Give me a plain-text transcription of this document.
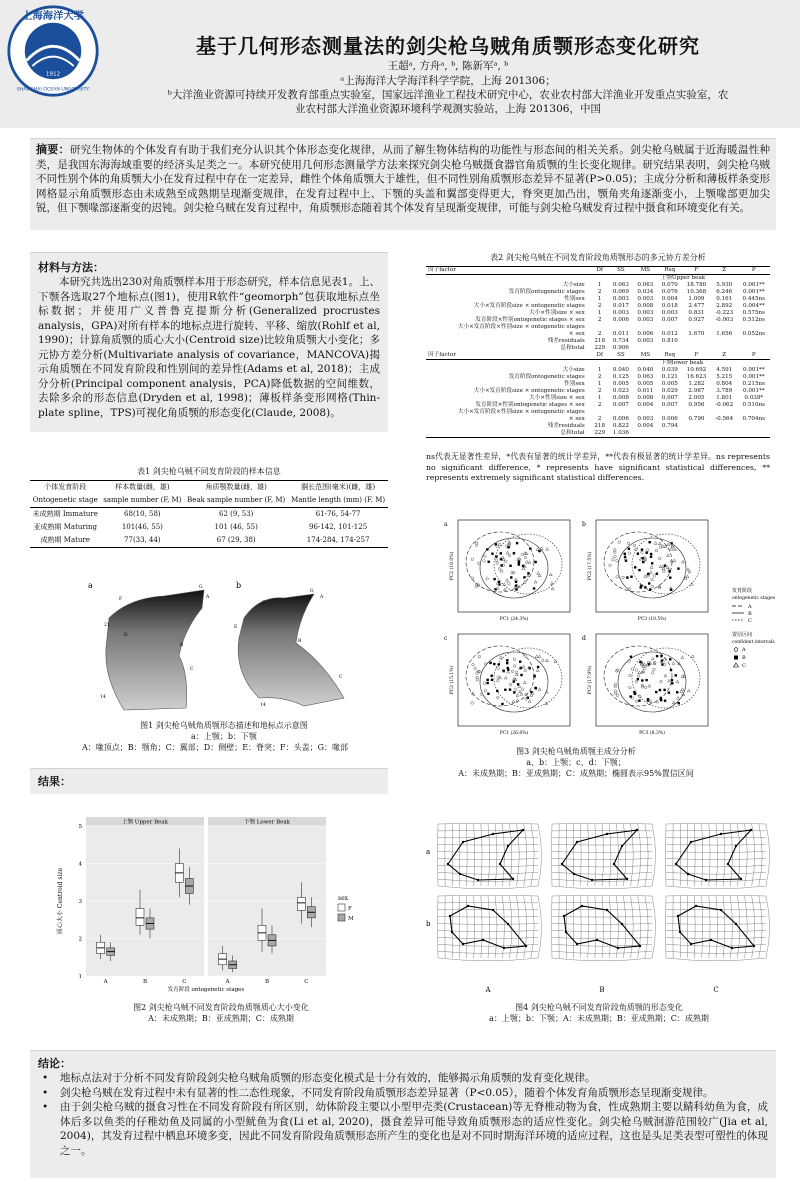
上海海洋大学
SHANGHAI OCEAN UNIVERSITY
1912
基于几何形态测量法的剑尖枪乌贼角质颚形态变化研究
王超ᵃ, 方舟ᵃ, ᵇ, 陈新军ᵃ, ᵇ
ᵃ上海海洋大学海洋科学学院，上海 201306；
ᵇ大洋渔业资源可持续开发教育部重点实验室，国家远洋渔业工程技术研究中心，农业农村部大洋渔业开发重点实验室，农
业农村部大洋渔业资源环境科学观测实验站，上海 201306，中国
摘要：研究生物体的个体发育有助于我们充分认识其个体形态变化规律，从而了解生物体结构的功能性与形态间的相关关系。剑尖枪乌贼属于近海暖温性种类，是我国东海海域重要的经济头足类之一。本研究使用几何形态测量学方法来探究剑尖枪乌贼摄食器官角质颚的生长变化规律。研究结果表明，剑尖枪乌贼不同性别个体的角质颚大小在发育过程中存在一定差异，雌性个体角质颚大于雄性，但不同性别角质颚形态差异不显著(P>0.05)；主成分分析和薄板样条变形网格显示角质颚形态由未成熟至成熟期呈现渐变规律，在发育过程中上、下颚的头盖和翼部变得更大，脊突更加凸出，颚角夹角逐渐变小，上颚喙部更加尖锐，但下颚喙部逐渐变的迟钝。剑尖枪乌贼在发育过程中，角质颚形态随着其个体发育呈现渐变规律，可能与剑尖枪乌贼发育过程中摄食和环境变化有关。
材料与方法：
本研究共选出230对角质颚样本用于形态研究，样本信息见表1。上、下颚各选取27个地标点(图1)，使用R软件“geomorph”包获取地标点坐标数据；并使用广义普鲁克提斯分析(Generalized procrustes analysis，GPA)对所有样本的地标点进行旋转、平移、缩放(Rohlf et al, 1990)；计算角质颚的质心大小(Centroid size)比较角质颚大小变化；多元协方差分析(Multivariate analysis of covariance，MANCOVA)揭示角质颚在不同发育阶段和性别间的差异性(Adams et al, 2018)；主成分分析(Principal component analysis，PCA)降低数据的空间维数，去除多余的形态信息(Dryden et al, 1998)；薄板样条变形网格(Thin-plate spline，TPS)可视化角质颚的形态变化(Claude, 2008)。
表1 剑尖枪乌贼不同发育阶段的样本信息
个体发育阶段	样本数量(雌，雄)	角质颚数量(雌，雄)	胴长范围(毫米)(雌，雄)
Ontogenetic stage	sample number (F, M)	Beak sample number (F, M)	Mantle length (mm) (F, M)
未成熟期 Immature	68(10, 58)	62 (9, 53)	61-76, 54-77
亚成熟期 Maturing	101(46, 55)	101 (46, 55)	96-142, 101-125
成熟期 Mature	77(33, 44)	67 (29, 38)	174-284, 174-257
a	b
F
G
A
21
D
B
C
14
F
G
A
E
B
C
14
图1 剑尖枪乌贼角质颚形态描述和地标点示意图
a：上颚；b：下颚
A：喙顶点；B：颚角；C：翼部；D：侧壁；E：脊突；F：头盖；G：喙部
结果：
质心大小 Centroid size
1
2
3
4
5
上颚 Upper Beak
A	B	C
下颚 Lower Beak
A	B	C
发育阶段 ontogenetic stages
sex
F
M
图2 剑尖枪乌贼不同发育阶段角质颚质心大小变化
A：未成熟期；B：亚成熟期；C：成熟期
表2 剑尖枪乌贼在不同发育阶段角质颚形态的多元协方差分析
因子factor	Df	SS	MS	Rsq	F	Z	P
	上颚Upper beak						
大小size	1	0.063	0.063	0.070	18.780	5.930	0.001**
发育阶段ontogenetic stages	2	0.069	0.034	0.076	10.368	6.246	0.001**
性别sex	1	0.003	0.003	0.004	1.009	0.161	0.445ns
大小×发育阶段size × ontogenetic stages	2	0.017	0.008	0.018	2.477	2.892	0.004**
大小×性别size × sex	1	0.003	0.003	0.003	0.831	-0.223	0.575ns
发育阶段×性别ontogenetic stages × sex	2	0.006	0.003	0.007	0.927	-0.003	0.512ns
大小×发育阶段×性别size × ontogenetic stages							
× sex	2	0.011	0.006	0.012	1.670	1.656	0.052ns
残差residuals	218	0.734	0.003	0.810			
总和total	229	0.906					
因子factor	Df	SS	MS	Rsq	F	Z	P
	下颚lower beak						
大小size	1	0.040	0.040	0.039	10.692	4.591	0.001**
发育阶段ontogenetic stages	2	0.125	0.063	0.121	16.623	5.215	0.001**
性别sex	1	0.005	0.005	0.005	1.282	0.804	0.215ns
大小×发育阶段size × ontogenetic stages	2	0.023	0.011	0.029	2.987	3.789	0.001**
大小×性别size × sex	1	0.008	0.008	0.007	2.005	1.801	0.038*
发育阶段×性别ontogenetic stages × sex	2	0.007	0.004	0.007	0.956	-0.062	0.510ns
大小×发育阶段×性别size × ontogenetic stages							
× sex	2	0.006	0.003	0.006	0.790	-0.564	0.704ns
残差residuals	218	0.822	0.004	0.794			
总和total	229	1.036					
ns代表无显著性差异，*代表有显著的统计学差异，**代表有极显著的统计学差异。ns represents no significant difference, * represents have significant statistical differences, ** represents extremely significant statistical differences.
a
PC1 (24.3%)
PC2 (18.0%)
b
PC3 (10.5%)
PC2 (17.5%)
c
PC1 (26.6%)
PC2 (15.1%)
d
PC3 (8.3%)
PC2 (17.9%)
发育阶段
ontogenetic stages
A
B
C
置信区间
confident intervals
A
B
C
图3 剑尖枪乌贼角质颚主成分分析
a、b：上颚；c、d：下颚；
A：未成熟期；B：亚成熟期；C：成熟期；椭圆表示95%置信区间
a
b
A	B	C
图4 剑尖枪乌贼不同发育阶段角质颚的形态变化
a：上颚；b：下颚；A：未成熟期；B：亚成熟期；C：成熟期
结论：
• 地标点法对于分析不同发育阶段剑尖枪乌贼角质颚的形态变化模式是十分有效的，能够揭示角质颚的发育变化规律。
• 剑尖枪乌贼在发育过程中未有显著的性二态性现象，不同发育阶段角质颚形态差异显著（P<0.05），随着个体发育角质颚形态呈现渐变规律。
• 由于剑尖枪乌贼的摄食习性在不同发育阶段有所区别，幼体阶段主要以小型甲壳类(Crustacean)等无脊椎动物为食，性成熟期主要以鲭科幼鱼为食，成体后多以鱼类的仔稚幼鱼及同属的小型鱿鱼为食(Li et al, 2020)，摄食差异可能导致角质颚形态的适应性变化。剑尖枪乌贼洄游范围较广(Jia et al, 2004)，其发育过程中栖息环境多变，因此不同发育阶段角质颚形态所产生的变化也是对不同时期海洋环境的适应过程，这也是头足类表型可塑性的体现之一。
